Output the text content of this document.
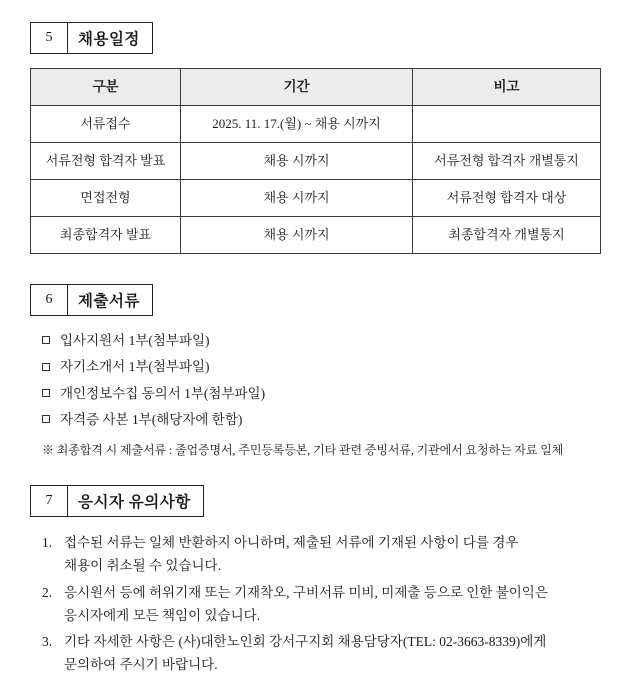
5	채용일정
구분	기간	비고
서류접수	2025. 11. 17.(월) ~ 채용 시까지	
서류전형 합격자 발표	채용 시까지	서류전형 합격자 개별통지
면접전형	채용 시까지	서류전형 합격자 대상
최종합격자 발표	채용 시까지	최종합격자 개별통지
6	제출서류
입사지원서 1부(첨부파일)
자기소개서 1부(첨부파일)
개인정보수집 동의서 1부(첨부파일)
자격증 사본 1부(해당자에 한함)

※ 최종합격 시 제출서류 : 졸업증명서, 주민등록등본, 기타 관련 증빙서류, 기관에서 요청하는 자료 일체

7	응시자 유의사항
1. 접수된 서류는 일체 반환하지 아니하며, 제출된 서류에 기재된 사항이 다를 경우
채용이 취소될 수 있습니다.
2. 응시원서 등에 허위기재 또는 기재착오, 구비서류 미비, 미제출 등으로 인한 불이익은
응시자에게 모든 책임이 있습니다.
3. 기타 자세한 사항은 (사)대한노인회 강서구지회 채용담당자(TEL: 02-3663-8339)에게
문의하여 주시기 바랍니다.
